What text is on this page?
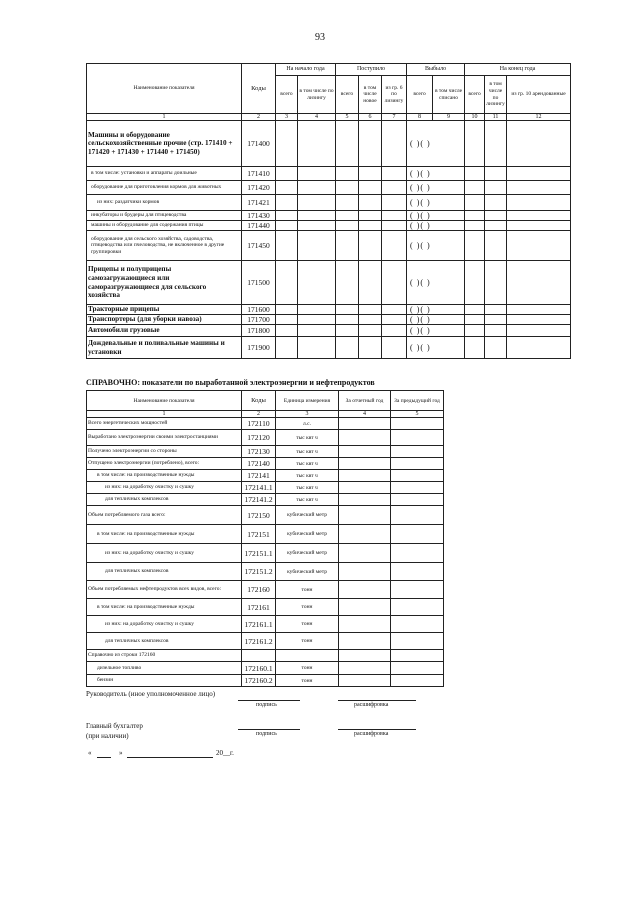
93
Наименование показателя	Коды	На начало года		Поступило			Выбыло		На конец года		
		всего	в том числе по лизингу	всего	в том числе новое	из гр. 6 по лизингу	всего	в том числе списано	всего	в том числе по лизингу	из гр. 10 арендованные
1	2	3	4	5	6	7	8	9	10	11	12
Машины и оборудование сельскохозяйственные прочие (стр. 171410 + 171420 + 171430 + 171440 + 171450)	171400						( )( )				
в том числе: установки и аппараты доильные	171410						( )( )				
оборудование для приготовления кормов для животных	171420						( )( )				
из них: раздатчики кормов	171421						( )( )				
инкубаторы и брудеры для птицеводства	171430						( )( )				
машины и оборудование для содержания птицы	171440						( )( )				
оборудование для сельского хозяйства, садоводства, птицеводства или пчеловодства, не включенное в другие группировки	171450						( )( )				
Прицепы и полуприцепы самозагружающиеся или саморазгружающиеся для сельского хозяйства	171500						( )( )				
Тракторные прицепы	171600						( )( )				
Транспортеры (для уборки навоза)	171700						( )( )				
Автомобили грузовые	171800						( )( )				
Дождевальные и поливальные машины и установки	171900						( )( )				
СПРАВОЧНО: показатели по выработанной электроэнергии и нефтепродуктов
Наименование показателя	Коды	Единица измерения	За отчетный год	За предыдущий год
1	2	3	4	5
Всего энергетических мощностей	172110	л.с.		
Выработано электроэнергии своими электростанциями	172120	тыс квт ч		
Получено электроэнергии со стороны	172130	тыс квт ч		
Отпущено электроэнергии (потреблено), всего:	172140	тыс квт ч		
в том числе: на производственные нужды	172141	тыс квт ч		
из них: на доработку очистку и сушку	172141.1	тыс квт ч		
для тепличных комплексов	172141.2	тыс квт ч		
Объем потребляемого газа всего:	172150	кубический метр		
в том числе: на производственные нужды	172151	кубический метр		
из них: на доработку очистку и сушку	172151.1	кубический метр		
для тепличных комплексов	172151.2	кубический метр		
Объем потребляемых нефтепродуктов всех видов, всего:	172160	тонн		
в том числе: на производственные нужды	172161	тонн		
из них: на доработку очистку и сушку	172161.1	тонн		
для тепличных комплексов	172161.2	тонн		
Справочно из строки 172160				
дизельное топливо	172160.1	тонн		
бензин	172160.2	тонн		
Руководитель (иное уполномоченное лицо)
подпись	расшифровка
Главный бухгалтер
(при наличии)	подпись	расшифровка
«	»	20__г.
